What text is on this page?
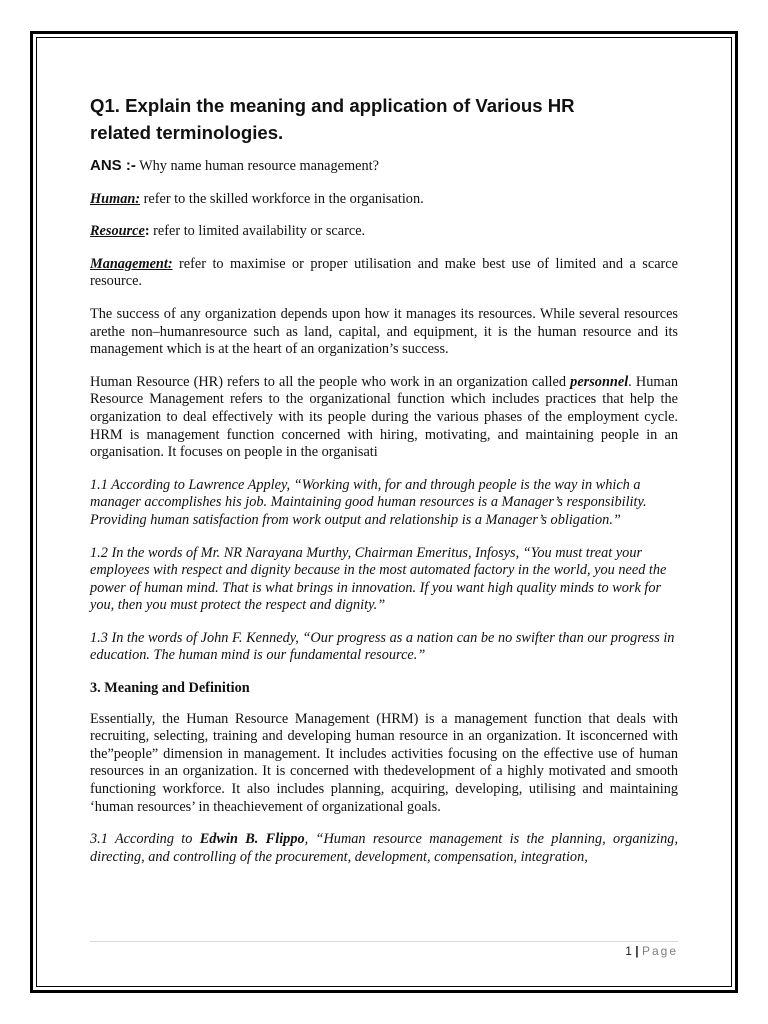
Q1. Explain the meaning and application of Various HR
related terminologies.

ANS :- Why name human resource management?

Human: refer to the skilled workforce in the organisation.

Resource: refer to limited availability or scarce.

Management: refer to maximise or proper utilisation and make best use of limited and a scarce resource.

The success of any organization depends upon how it manages its resources. While several resources arethe non–humanresource such as land, capital, and equipment, it is the human resource and its management which is at the heart of an organization’s success.

Human Resource (HR) refers to all the people who work in an organization called personnel. Human Resource Management refers to the organizational function which includes practices that help the organization to deal effectively with its people during the various phases of the employment cycle. HRM is management function concerned with hiring, motivating, and maintaining people in an organisation. It focuses on people in the organisati

1.1 According to Lawrence Appley, “Working with, for and through people is the way in which a manager accomplishes his job. Maintaining good human resources is a Manager’s responsibility. Providing human satisfaction from work output and relationship is a Manager’s obligation.”

1.2 In the words of Mr. NR Narayana Murthy, Chairman Emeritus, Infosys, “You must treat your employees with respect and dignity because in the most automated factory in the world, you need the power of human mind. That is what brings in innovation. If you want high quality minds to work for you, then you must protect the respect and dignity.”

1.3 In the words of John F. Kennedy, “Our progress as a nation can be no swifter than our progress in education. The human mind is our fundamental resource.”

3. Meaning and Definition

Essentially, the Human Resource Management (HRM) is a management function that deals with recruiting, selecting, training and developing human resource in an organization. It isconcerned with the”people” dimension in management. It includes activities focusing on the effective use of human resources in an organization. It is concerned with thedevelopment of a highly motivated and smooth functioning workforce. It also includes planning, acquiring, developing, utilising and maintaining ‘human resources’ in theachievement of organizational goals.

3.1 According to Edwin B. Flippo, “Human resource management is the planning, organizing, directing, and controlling of the procurement, development, compensation, integration,

1 | Page
